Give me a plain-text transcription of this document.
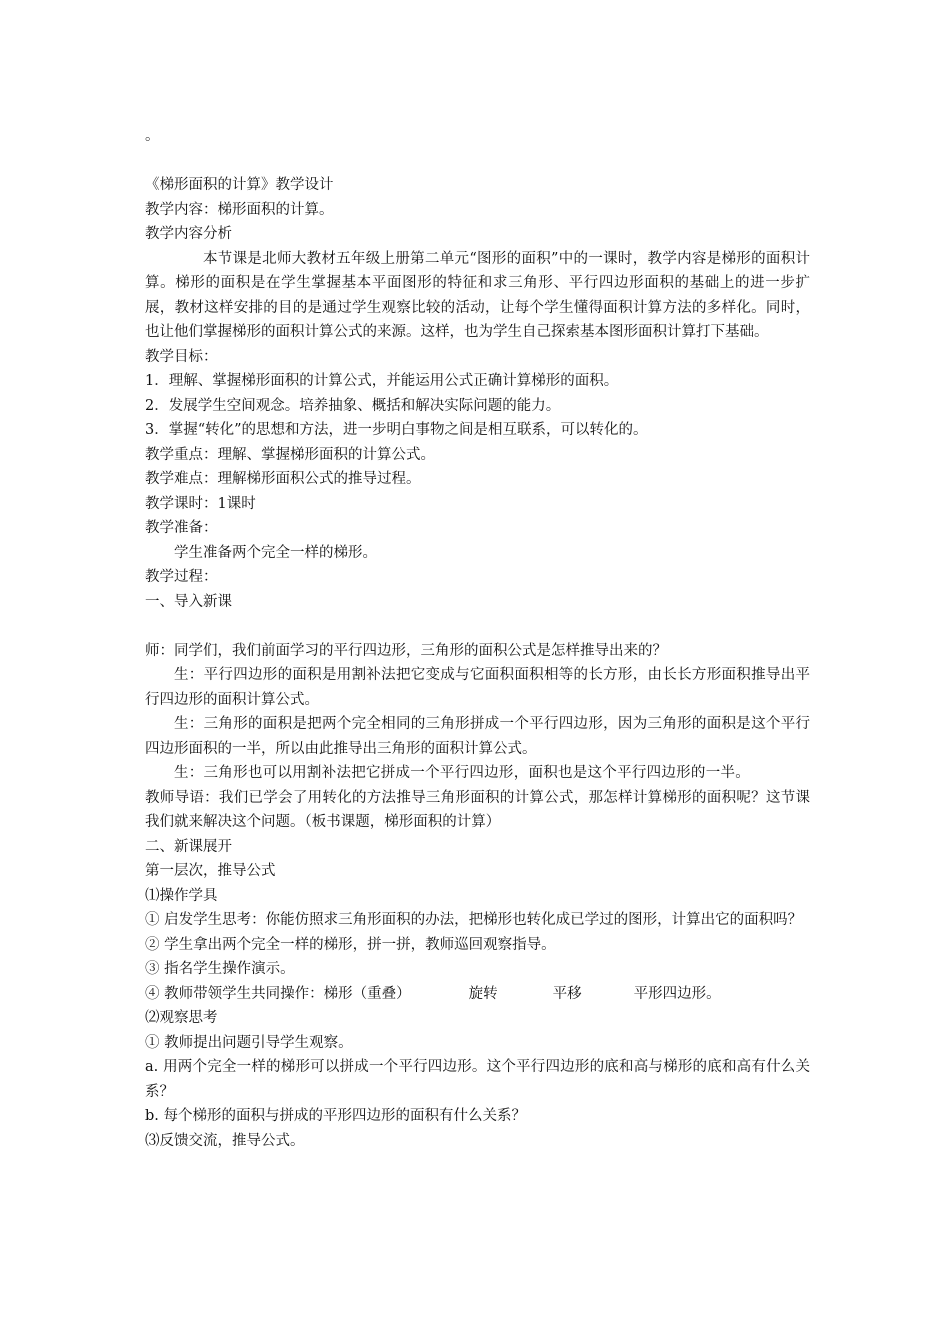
。
《梯形面积的计算》教学设计
教学内容：梯形面积的计算。
教学内容分析
本节课是北师大教材五年级上册第二单元“图形的面积”中的一课时，教学内容是梯形的面积计算。梯形的面积是在学生掌握基本平面图形的特征和求三角形、平行四边形面积的基础上的进一步扩展，教材这样安排的目的是通过学生观察比较的活动，让每个学生懂得面积计算方法的多样化。同时，也让他们掌握梯形的面积计算公式的来源。这样，也为学生自己探索基本图形面积计算打下基础。
教学目标：
1．理解、掌握梯形面积的计算公式，并能运用公式正确计算梯形的面积。
2．发展学生空间观念。培养抽象、概括和解决实际问题的能力。
3．掌握“转化”的思想和方法，进一步明白事物之间是相互联系，可以转化的。
教学重点：理解、掌握梯形面积的计算公式。
教学难点：理解梯形面积公式的推导过程。
教学课时：1课时
教学准备：
学生准备两个完全一样的梯形。
教学过程：
一、导入新课
师：同学们，我们前面学习的平行四边形，三角形的面积公式是怎样推导出来的？
生：平行四边形的面积是用割补法把它变成与它面积面积相等的长方形，由长长方形面积推导出平行四边形的面积计算公式。
生：三角形的面积是把两个完全相同的三角形拼成一个平行四边形，因为三角形的面积是这个平行四边形面积的一半，所以由此推导出三角形的面积计算公式。
生：三角形也可以用割补法把它拼成一个平行四边形，面积也是这个平行四边形的一半。教师导语：我们已学会了用转化的方法推导三角形面积的计算公式，那怎样计算梯形的面积呢？这节课我们就来解决这个问题。（板书课题，梯形面积的计算）
二、新课展开
第一层次，推导公式
⑴操作学具
① 启发学生思考：你能仿照求三角形面积的办法，把梯形也转化成已学过的图形，计算出它的面积吗？
② 学生拿出两个完全一样的梯形，拼一拼，教师巡回观察指导。
③ 指名学生操作演示。
④ 教师带领学生共同操作：梯形（重叠）	旋转	平移	平形四边形。
⑵观察思考
① 教师提出问题引导学生观察。
a. 用两个完全一样的梯形可以拼成一个平行四边形。这个平行四边形的底和高与梯形的底和高有什么关系？
b. 每个梯形的面积与拼成的平形四边形的面积有什么关系？
⑶反馈交流，推导公式。
